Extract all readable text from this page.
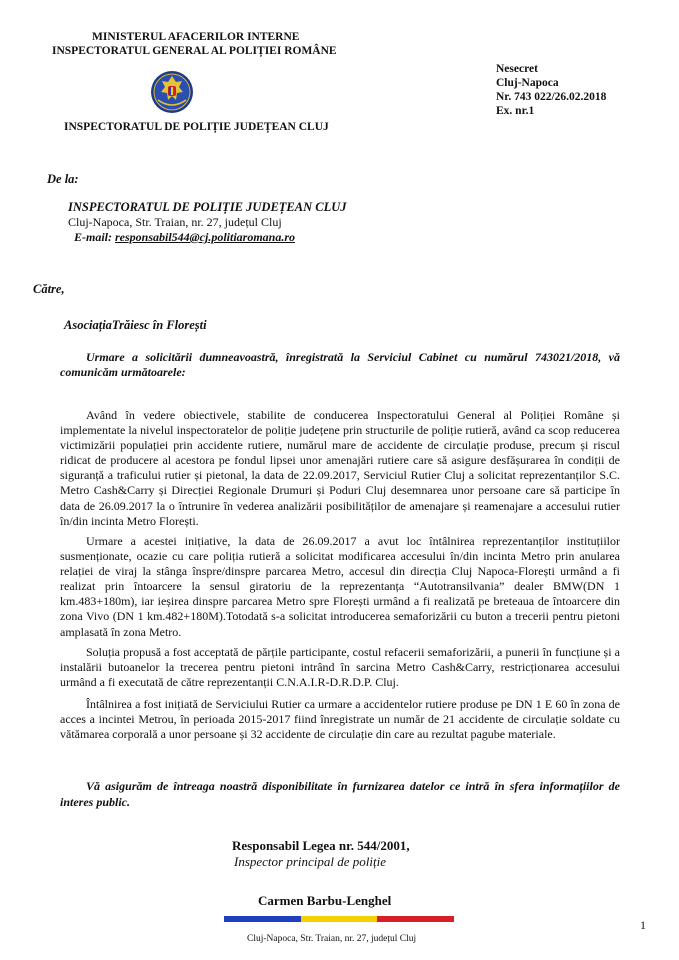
MINISTERUL AFACERILOR INTERNE
INSPECTORATUL GENERAL AL POLIȚIEI ROMÂNE
INSPECTORATUL DE POLIȚIE JUDEȚEAN CLUJ
Nesecret
Cluj-Napoca
Nr. 743 022/26.02.2018
Ex. nr.1
De la:
INSPECTORATUL DE POLIȚIE JUDEȚEAN CLUJ
Cluj-Napoca, Str. Traian, nr. 27, județul Cluj
E-mail: responsabil544@cj.politiaromana.ro
Către,
AsociațiaTrăiesc în Florești

Urmare a solicitării dumneavoastră, înregistrată la Serviciul Cabinet cu numărul 743021/2018, vă comunicăm următoarele:

Având în vedere obiectivele, stabilite de conducerea Inspectoratului General al Poliției Române și implementate la nivelul inspectoratelor de poliție județene prin structurile de poliție rutieră, având ca scop reducerea victimizării populației prin accidente rutiere, numărul mare de accidente de circulație produse, precum și riscul ridicat de producere al acestora pe fondul lipsei unor amenajări rutiere care să asigure desfășurarea în condiții de siguranță a traficului rutier și pietonal, la data de 22.09.2017, Serviciul Rutier Cluj a solicitat reprezentanților S.C. Metro Cash&Carry și Direcției Regionale Drumuri și Poduri Cluj desemnarea unor persoane care să participe în data de 26.09.2017 la o întrunire în vederea analizării posibilităților de amenajare și reamenajare a accesului rutier în/din incinta Metro Florești.

Urmare a acestei inițiative, la data de 26.09.2017 a avut loc întâlnirea reprezentanților instituțiilor susmenționate, ocazie cu care poliția rutieră a solicitat modificarea accesului în/din incinta Metro prin anularea relației de viraj la stânga înspre/dinspre parcarea Metro, accesul din direcția Cluj Napoca-Florești urmând a fi realizat prin întoarcere la sensul giratoriu de la reprezentanța “Autotransilvania” dealer BMW(DN 1 km.483+180m), iar ieșirea dinspre parcarea Metro spre Florești urmând a fi realizată pe breteaua de întoarcere din zona Vivo (DN 1 km.482+180M).Totodată s-a solicitat introducerea semaforizării cu buton a trecerii pentru pietoni amplasată în zona Metro.

Soluția propusă a fost acceptată de părțile participante, costul refacerii semaforizării, a punerii în funcțiune și a instalării butoanelor la trecerea pentru pietoni intrând în sarcina Metro Cash&Carry, restricționarea accesului urmând a fi executată de către reprezentanții C.N.A.I.R-D.R.D.P. Cluj.

Întâlnirea a fost inițiată de Serviciului Rutier ca urmare a accidentelor rutiere produse pe DN 1 E 60 în zona de acces a incintei Metrou, în perioada 2015-2017 fiind înregistrate un număr de 21 accidente de circulație soldate cu vătămarea corporală a unor persoane și 32 accidente de circulație din care au rezultat pagube materiale.

Vă asigurăm de întreaga noastră disponibilitate în furnizarea datelor ce intră în sfera informațiilor de interes public.

Responsabil Legea nr. 544/2001,
Inspector principal de poliție
Carmen Barbu-Lenghel
1
Cluj-Napoca, Str. Traian, nr. 27, județul Cluj
